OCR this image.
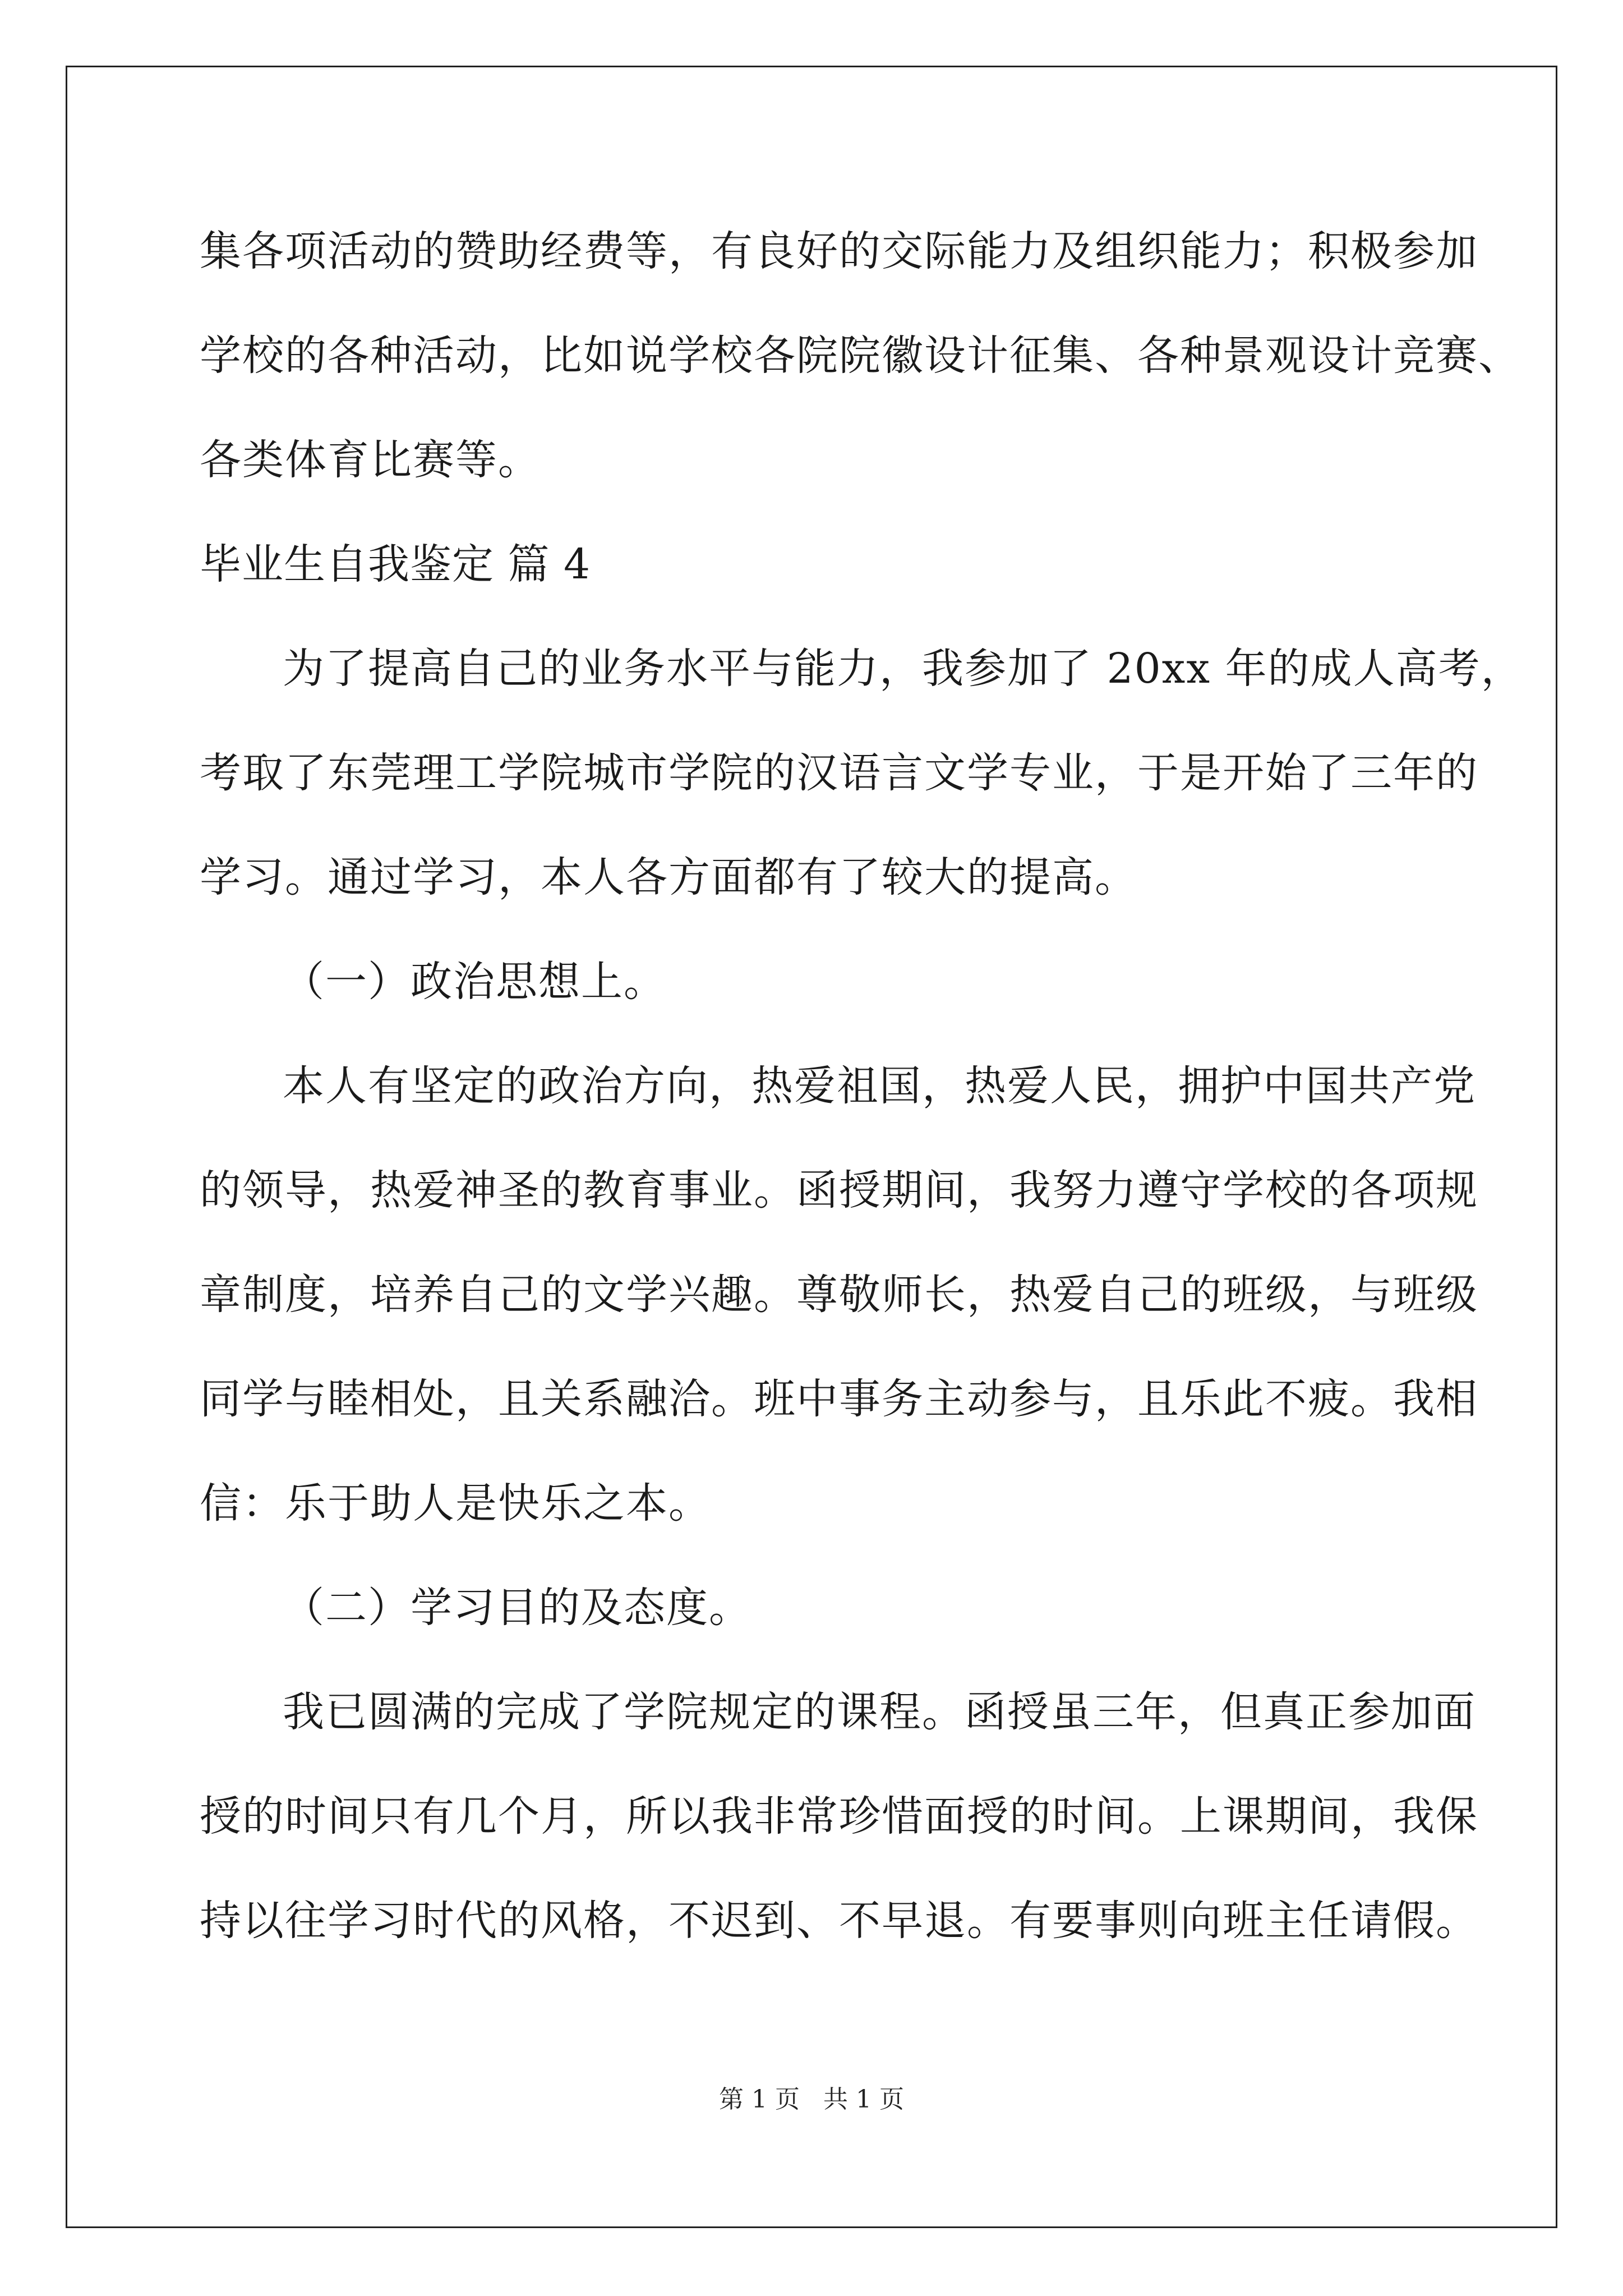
集各项活动的赞助经费等，有良好的交际能力及组织能力；积极参加
学校的各种活动，比如说学校各院院徽设计征集、各种景观设计竞赛、
各类体育比赛等。
毕业生自我鉴定 篇 4
为了提高自己的业务水平与能力，我参加了 20xx 年的成人高考，
考取了东莞理工学院城市学院的汉语言文学专业，于是开始了三年的
学习。通过学习，本人各方面都有了较大的提高。
（一）政治思想上。
本人有坚定的政治方向，热爱祖国，热爱人民，拥护中国共产党
的领导，热爱神圣的教育事业。函授期间，我努力遵守学校的各项规
章制度，培养自己的文学兴趣。尊敬师长，热爱自己的班级，与班级
同学与睦相处，且关系融洽。班中事务主动参与，且乐此不疲。我相
信：乐于助人是快乐之本。
（二）学习目的及态度。
我已圆满的完成了学院规定的课程。函授虽三年，但真正参加面
授的时间只有几个月，所以我非常珍惜面授的时间。上课期间，我保
持以往学习时代的风格，不迟到、不早退。有要事则向班主任请假。
第 1 页   共 1 页
